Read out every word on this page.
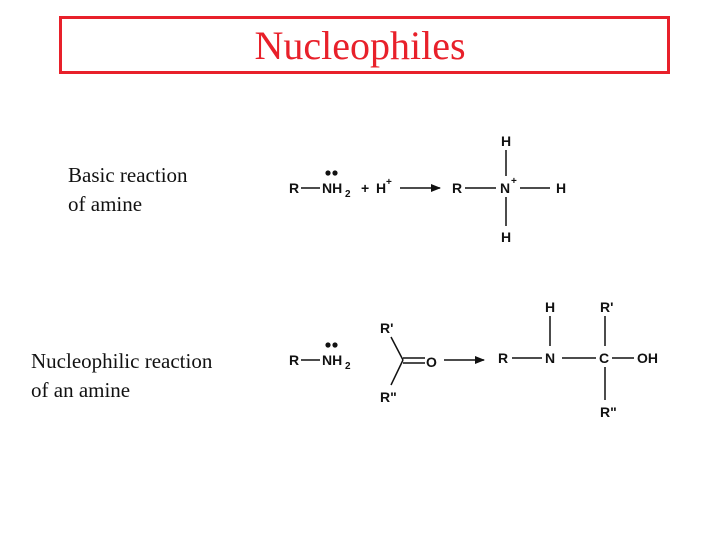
Nucleophiles
Basic reaction
of amine
Nucleophilic reaction
of an amine
R NH 2 + H +	R	N +
H
H
H
R NH 2
R'
O
R"
R	N
H
C
R'
OH
R"
